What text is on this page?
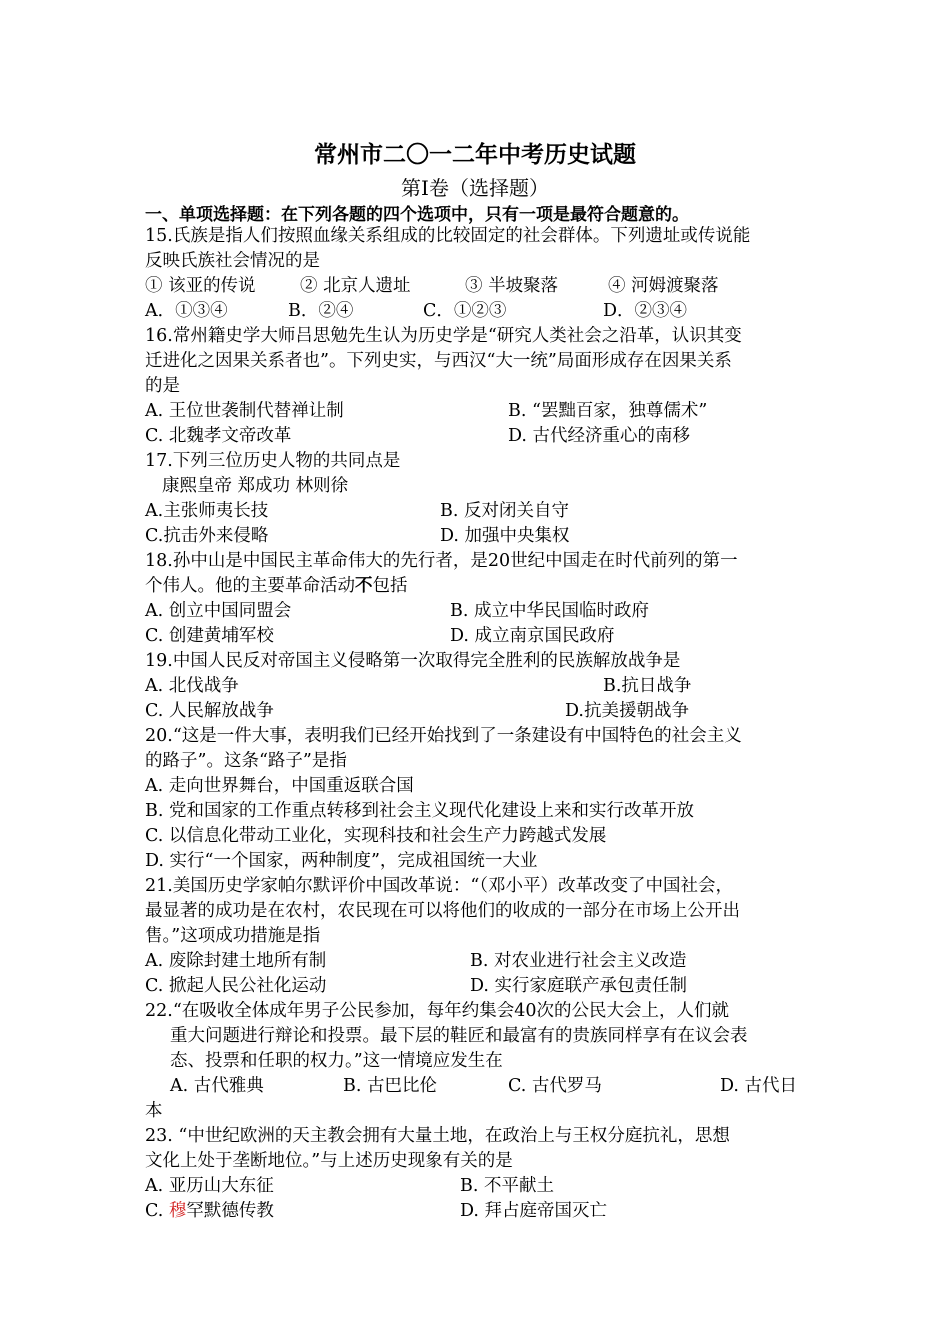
常州市二〇一二年中考历史试题
第Ⅰ卷（选择题）
一、单项选择题：在下列各题的四个选项中，只有一项是最符合题意的。
15.氏族是指人们按照血缘关系组成的比较固定的社会群体。下列遗址或传说能
反映氏族社会情况的是
① 该亚的传说	② 北京人遗址	③ 半坡聚落	④ 河姆渡聚落
A．①③④	B．②④	C．①②③	D．②③④
16.常州籍史学大师吕思勉先生认为历史学是“研究人类社会之沿革，认识其变
迁进化之因果关系者也”。下列史实，与西汉“大一统”局面形成存在因果关系
的是
A. 王位世袭制代替禅让制	B. “罢黜百家，独尊儒术”
C. 北魏孝文帝改革	D. 古代经济重心的南移
17.下列三位历史人物的共同点是
康熙皇帝 郑成功 林则徐
A.主张师夷长技	B. 反对闭关自守
C.抗击外来侵略	D. 加强中央集权
18.孙中山是中国民主革命伟大的先行者，是20世纪中国走在时代前列的第一
个伟人。他的主要革命活动不包括
A. 创立中国同盟会	B. 成立中华民国临时政府
C. 创建黄埔军校	D. 成立南京国民政府
19.中国人民反对帝国主义侵略第一次取得完全胜利的民族解放战争是
A. 北伐战争	B.抗日战争
C. 人民解放战争	D.抗美援朝战争
20.“这是一件大事，表明我们已经开始找到了一条建设有中国特色的社会主义
的路子”。这条“路子”是指
A. 走向世界舞台，中国重返联合国
B. 党和国家的工作重点转移到社会主义现代化建设上来和实行改革开放
C. 以信息化带动工业化，实现科技和社会生产力跨越式发展
D. 实行“一个国家，两种制度”，完成祖国统一大业
21.美国历史学家帕尔默评价中国改革说：“（邓小平）改革改变了中国社会，
最显著的成功是在农村，农民现在可以将他们的收成的一部分在市场上公开出
售。”这项成功措施是指
A. 废除封建土地所有制	B. 对农业进行社会主义改造
C. 掀起人民公社化运动	D. 实行家庭联产承包责任制
22.“在吸收全体成年男子公民参加，每年约集会40次的公民大会上，人们就
重大问题进行辩论和投票。最下层的鞋匠和最富有的贵族同样享有在议会表
态、投票和任职的权力。”这一情境应发生在
A. 古代雅典	B. 古巴比伦	C. 古代罗马	D. 古代日
本
23. “中世纪欧洲的天主教会拥有大量土地，在政治上与王权分庭抗礼，思想
文化上处于垄断地位。”与上述历史现象有关的是
A. 亚历山大东征	B. 不平献土
C. 穆罕默德传教	D. 拜占庭帝国灭亡
